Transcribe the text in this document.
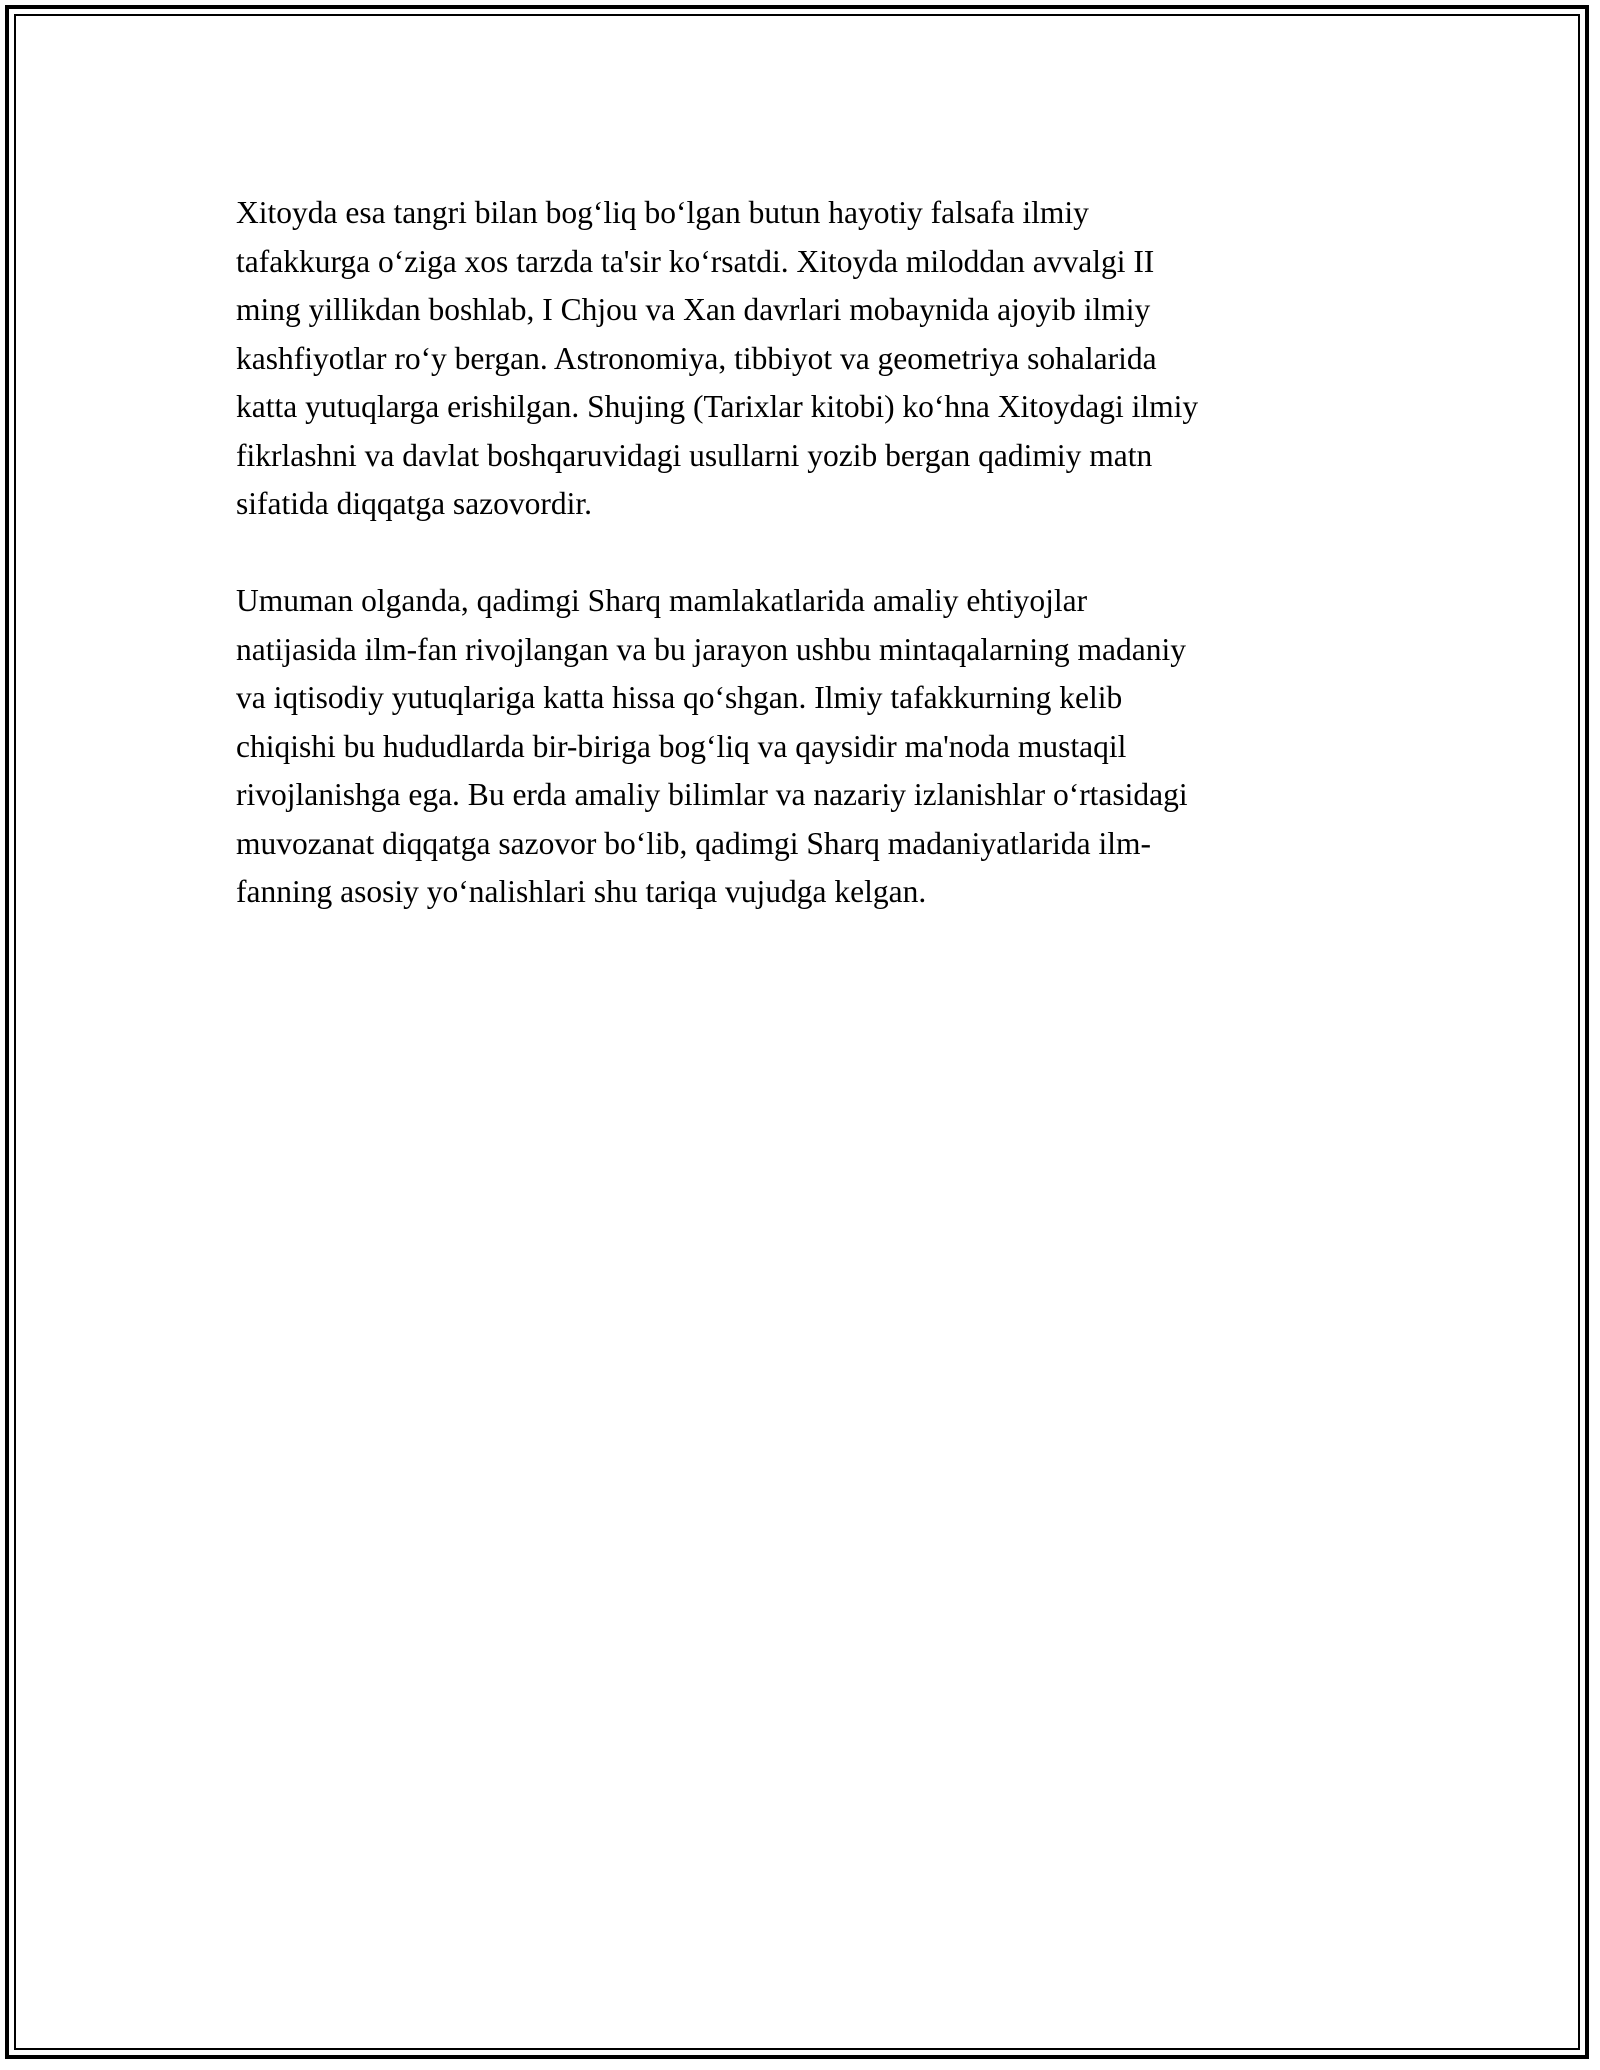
Xitoyda esa tangri bilan bog‘liq bo‘lgan butun hayotiy falsafa ilmiy
tafakkurga o‘ziga xos tarzda ta'sir ko‘rsatdi. Xitoyda miloddan avvalgi II
ming yillikdan boshlab, I Chjou va Xan davrlari mobaynida ajoyib ilmiy
kashfiyotlar ro‘y bergan. Astronomiya, tibbiyot va geometriya sohalarida
katta yutuqlarga erishilgan. Shujing (Tarixlar kitobi) ko‘hna Xitoydagi ilmiy
fikrlashni va davlat boshqaruvidagi usullarni yozib bergan qadimiy matn
sifatida diqqatga sazovordir.

Umuman olganda, qadimgi Sharq mamlakatlarida amaliy ehtiyojlar
natijasida ilm-fan rivojlangan va bu jarayon ushbu mintaqalarning madaniy
va iqtisodiy yutuqlariga katta hissa qo‘shgan. Ilmiy tafakkurning kelib
chiqishi bu hududlarda bir-biriga bog‘liq va qaysidir ma'noda mustaqil
rivojlanishga ega. Bu erda amaliy bilimlar va nazariy izlanishlar o‘rtasidagi
muvozanat diqqatga sazovor bo‘lib, qadimgi Sharq madaniyatlarida ilm-
fanning asosiy yo‘nalishlari shu tariqa vujudga kelgan.
